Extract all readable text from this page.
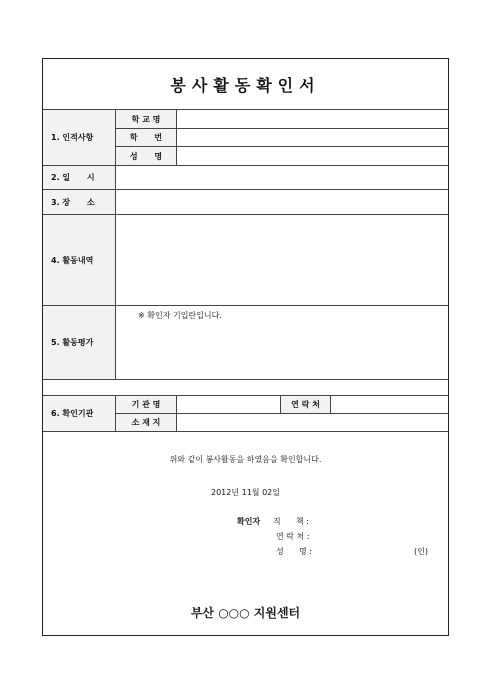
봉사활동확인서
1. 인적사항
학 교 명
학      번
성      명
2. 일      시
3. 장      소
4. 활동내역
5. 활동평가
※ 확인자 기입란입니다.
6. 확인기관
기 관 명	연 락 처
소 재 지
위와 같이 봉사활동을 하였음을 확인합니다.
2012년 11월 02일
확인자 직      책 :
연 락 처 :
성      명 :	(인)
부산 ○○○ 지원센터
